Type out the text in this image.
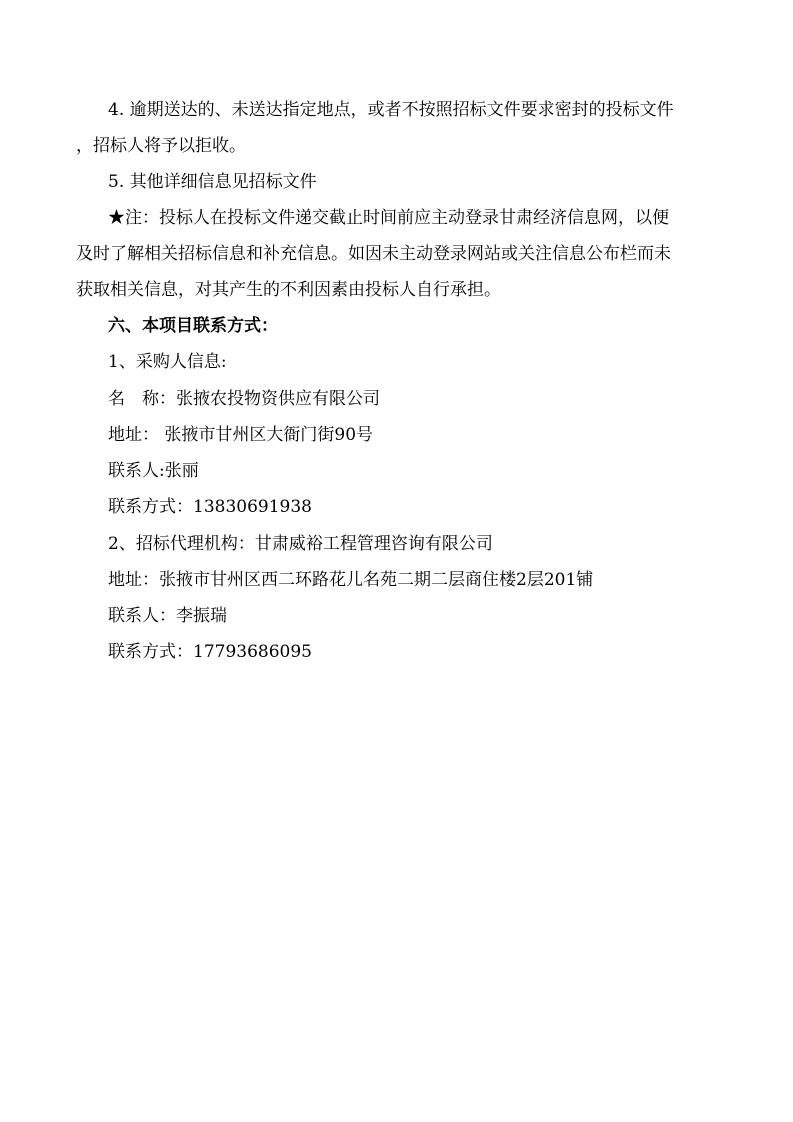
4. 逾期送达的、未送达指定地点，或者不按照招标文件要求密封的投标文件
，招标人将予以拒收。
5. 其他详细信息见招标文件
★注：投标人在投标文件递交截止时间前应主动登录甘肃经济信息网，以便
及时了解相关招标信息和补充信息。如因未主动登录网站或关注信息公布栏而未
获取相关信息，对其产生的不利因素由投标人自行承担。
六、本项目联系方式：
1、采购人信息:
名　称：张掖农投物资供应有限公司
地址： 张掖市甘州区大衙门街90号
联系人:张丽
联系方式：13830691938
2、招标代理机构：甘肃威裕工程管理咨询有限公司
地址：张掖市甘州区西二环路花儿名苑二期二层商住楼2层201铺
联系人：李振瑞
联系方式：17793686095
